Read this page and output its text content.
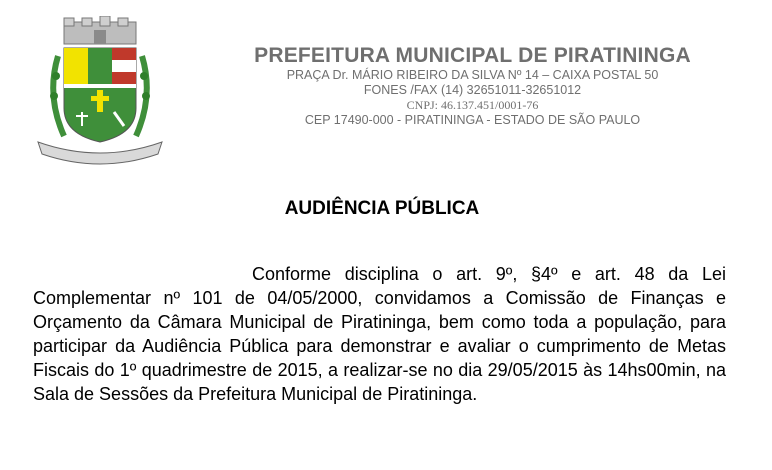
PREFEITURA MUNICIPAL DE PIRATININGA
PRAÇA Dr. MÁRIO RIBEIRO DA SILVA Nº 14 – CAIXA POSTAL 50
FONES /FAX (14) 32651011-32651012
CNPJ: 46.137.451/0001-76
CEP 17490-000 - PIRATININGA - ESTADO DE SÃO PAULO
AUDIÊNCIA PÚBLICA
Conforme disciplina o art. 9º, §4º e art. 48 da Lei Complementar nº 101 de 04/05/2000, convidamos a Comissão de Finanças e Orçamento da Câmara Municipal de Piratininga, bem como toda a população, para participar da Audiência Pública para demonstrar e avaliar o cumprimento de Metas Fiscais do 1º quadrimestre de 2015, a realizar-se no dia 29/05/2015 às 14hs00min, na Sala de Sessões da Prefeitura Municipal de Piratininga.
